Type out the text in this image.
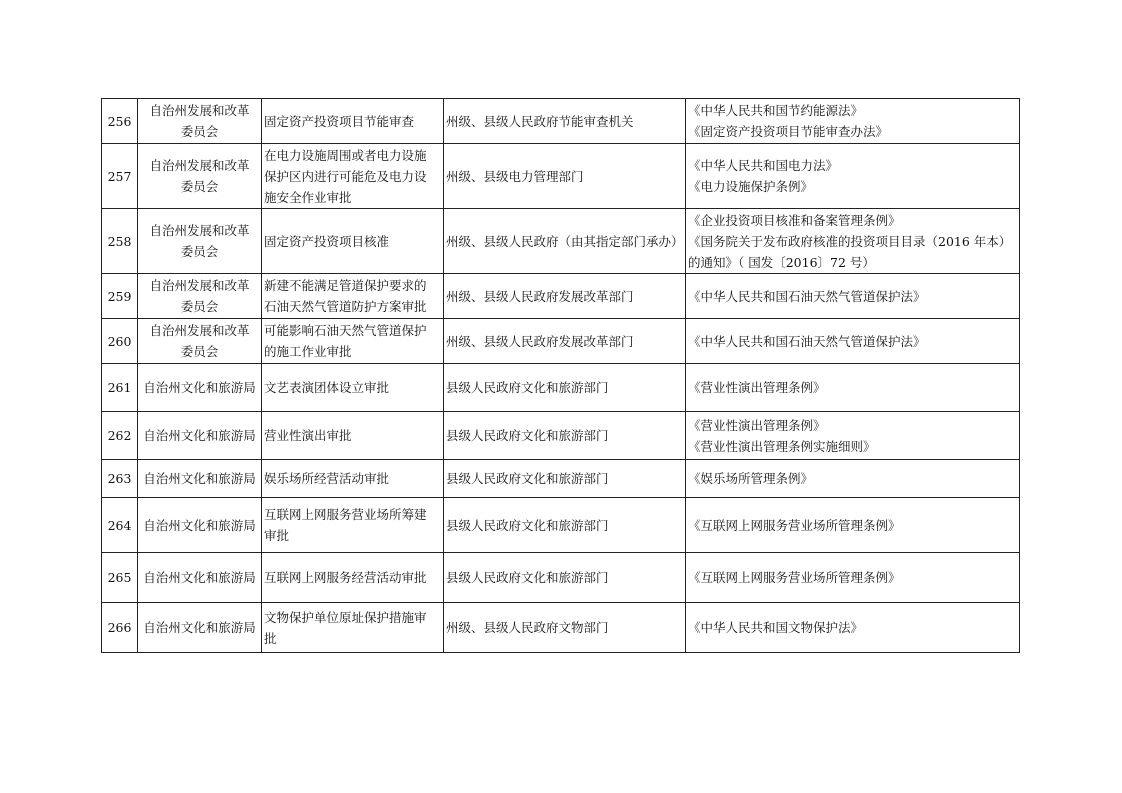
256	自治州发展和改革
委员会	固定资产投资项目节能审查	州级、县级人民政府节能审查机关	《中华人民共和国节约能源法》
《固定资产投资项目节能审查办法》

257	自治州发展和改革
委员会	在电力设施周围或者电力设施
保护区内进行可能危及电力设
施安全作业审批	州级、县级电力管理部门	《中华人民共和国电力法》
《电力设施保护条例》

258	自治州发展和改革
委员会	固定资产投资项目核准	州级、县级人民政府（由其指定部门承办）	《企业投资项目核准和备案管理条例》
《国务院关于发布政府核准的投资项目目录（2016 年本）
的通知》（ 国发〔2016〕72 号）

259	自治州发展和改革
委员会	新建不能满足管道保护要求的
石油天然气管道防护方案审批	州级、县级人民政府发展改革部门	《中华人民共和国石油天然气管道保护法》

260	自治州发展和改革
委员会	可能影响石油天然气管道保护
的施工作业审批	州级、县级人民政府发展改革部门	《中华人民共和国石油天然气管道保护法》

261	自治州文化和旅游局	文艺表演团体设立审批	县级人民政府文化和旅游部门	《营业性演出管理条例》

262	自治州文化和旅游局	营业性演出审批	县级人民政府文化和旅游部门	《营业性演出管理条例》
《营业性演出管理条例实施细则》

263	自治州文化和旅游局	娱乐场所经营活动审批	县级人民政府文化和旅游部门	《娱乐场所管理条例》

264	自治州文化和旅游局	互联网上网服务营业场所筹建
审批	县级人民政府文化和旅游部门	《互联网上网服务营业场所管理条例》

265	自治州文化和旅游局	互联网上网服务经营活动审批	县级人民政府文化和旅游部门	《互联网上网服务营业场所管理条例》

266	自治州文化和旅游局	文物保护单位原址保护措施审
批	州级、县级人民政府文物部门	《中华人民共和国文物保护法》
